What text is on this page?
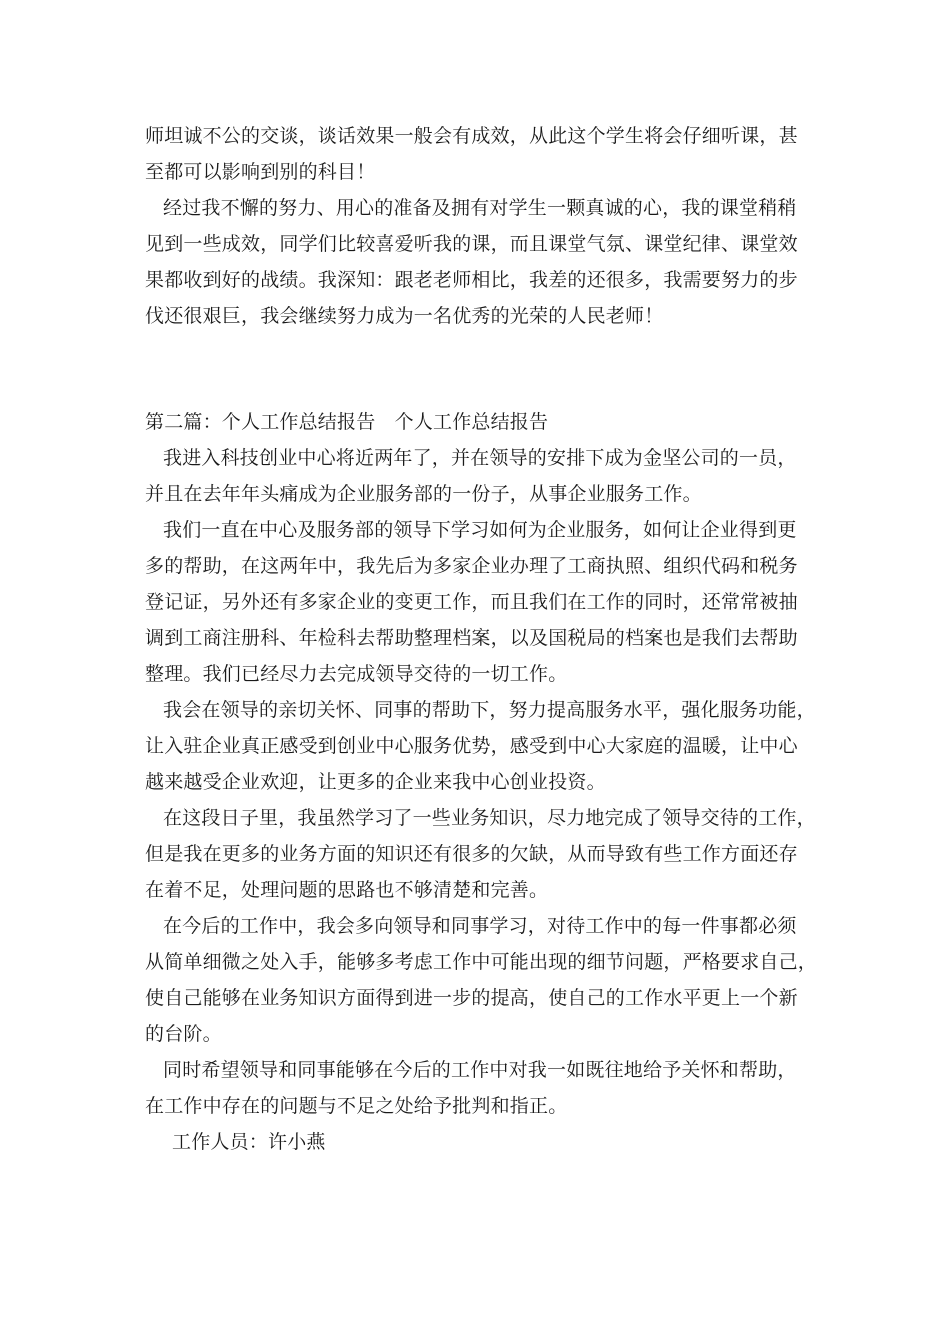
师坦诚不公的交谈，谈话效果一般会有成效，从此这个学生将会仔细听课，甚
至都可以影响到别的科目！
经过我不懈的努力、用心的准备及拥有对学生一颗真诚的心，我的课堂稍稍
见到一些成效，同学们比较喜爱听我的课，而且课堂气氛、课堂纪律、课堂效
果都收到好的战绩。我深知：跟老老师相比，我差的还很多，我需要努力的步
伐还很艰巨，我会继续努力成为一名优秀的光荣的人民老师！
第二篇：个人工作总结报告　个人工作总结报告
我进入科技创业中心将近两年了，并在领导的安排下成为金坚公司的一员，
并且在去年年头痛成为企业服务部的一份子，从事企业服务工作。
我们一直在中心及服务部的领导下学习如何为企业服务，如何让企业得到更
多的帮助，在这两年中，我先后为多家企业办理了工商执照、组织代码和税务
登记证，另外还有多家企业的变更工作，而且我们在工作的同时，还常常被抽
调到工商注册科、年检科去帮助整理档案，以及国税局的档案也是我们去帮助
整理。我们已经尽力去完成领导交待的一切工作。
我会在领导的亲切关怀、同事的帮助下，努力提高服务水平，强化服务功能，
让入驻企业真正感受到创业中心服务优势，感受到中心大家庭的温暖，让中心
越来越受企业欢迎，让更多的企业来我中心创业投资。
在这段日子里，我虽然学习了一些业务知识，尽力地完成了领导交待的工作，
但是我在更多的业务方面的知识还有很多的欠缺，从而导致有些工作方面还存
在着不足，处理问题的思路也不够清楚和完善。
在今后的工作中，我会多向领导和同事学习，对待工作中的每一件事都必须
从简单细微之处入手，能够多考虑工作中可能出现的细节问题，严格要求自己，
使自己能够在业务知识方面得到进一步的提高，使自己的工作水平更上一个新
的台阶。
同时希望领导和同事能够在今后的工作中对我一如既往地给予关怀和帮助，
在工作中存在的问题与不足之处给予批判和指正。
工作人员：许小燕
